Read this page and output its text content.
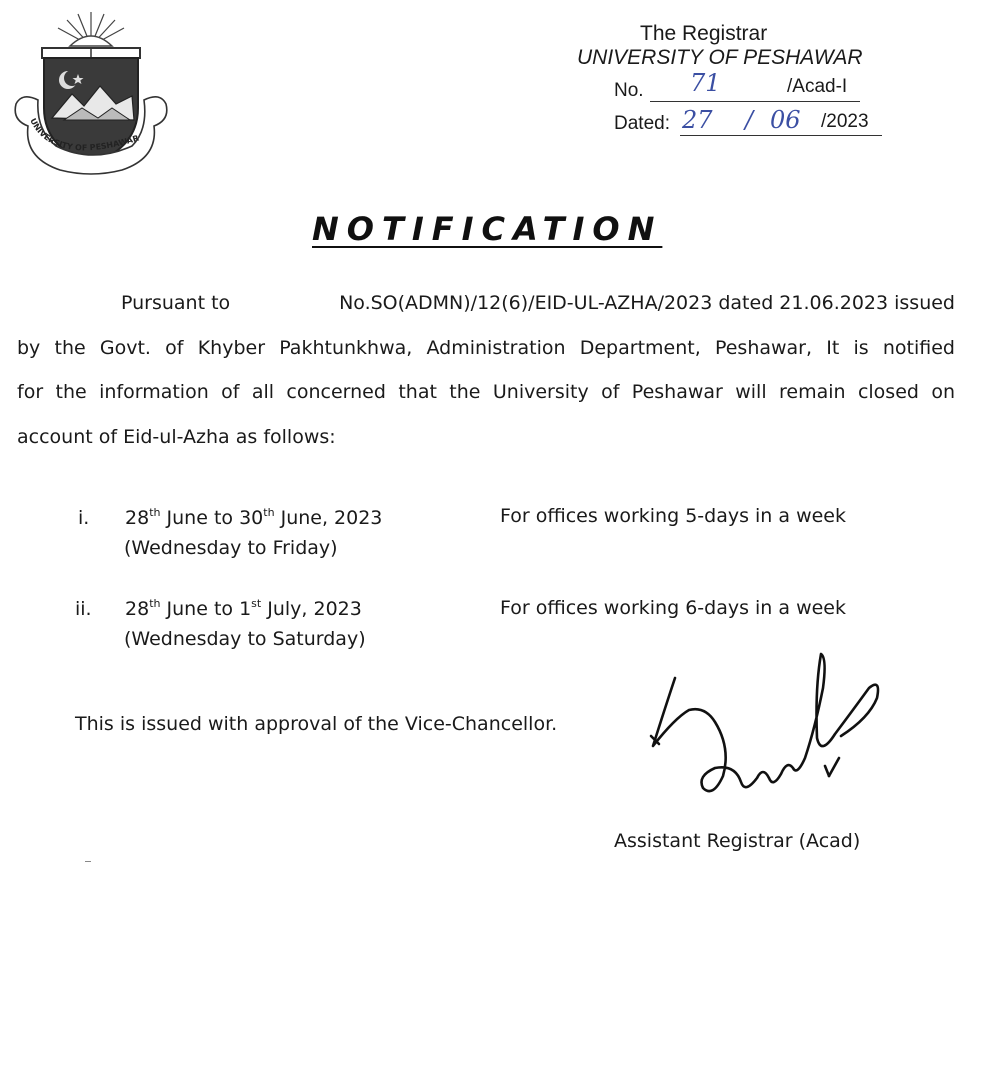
UNIVERSITY OF PESHAWAR
The Registrar
UNIVERSITY OF PESHAWAR
No. 71	/Acad-I
Dated: 27 / 06 /2023
NOTIFICATION
Pursuant to	No.SO(ADMN)/12(6)/EID-UL-AZHA/2023 dated 21.06.2023 issued
by the Govt. of Khyber Pakhtunkhwa, Administration Department, Peshawar, It is notified
for the information of all concerned that the University of Peshawar will remain closed on
account of Eid-ul-Azha as follows:
i. 28th June to 30th June, 2023
(Wednesday to Friday)
For offices working 5-days in a week
ii. 28th June to 1st July, 2023
(Wednesday to Saturday)
For offices working 6-days in a week
This is issued with approval of the Vice-Chancellor.
Assistant Registrar (Acad)
